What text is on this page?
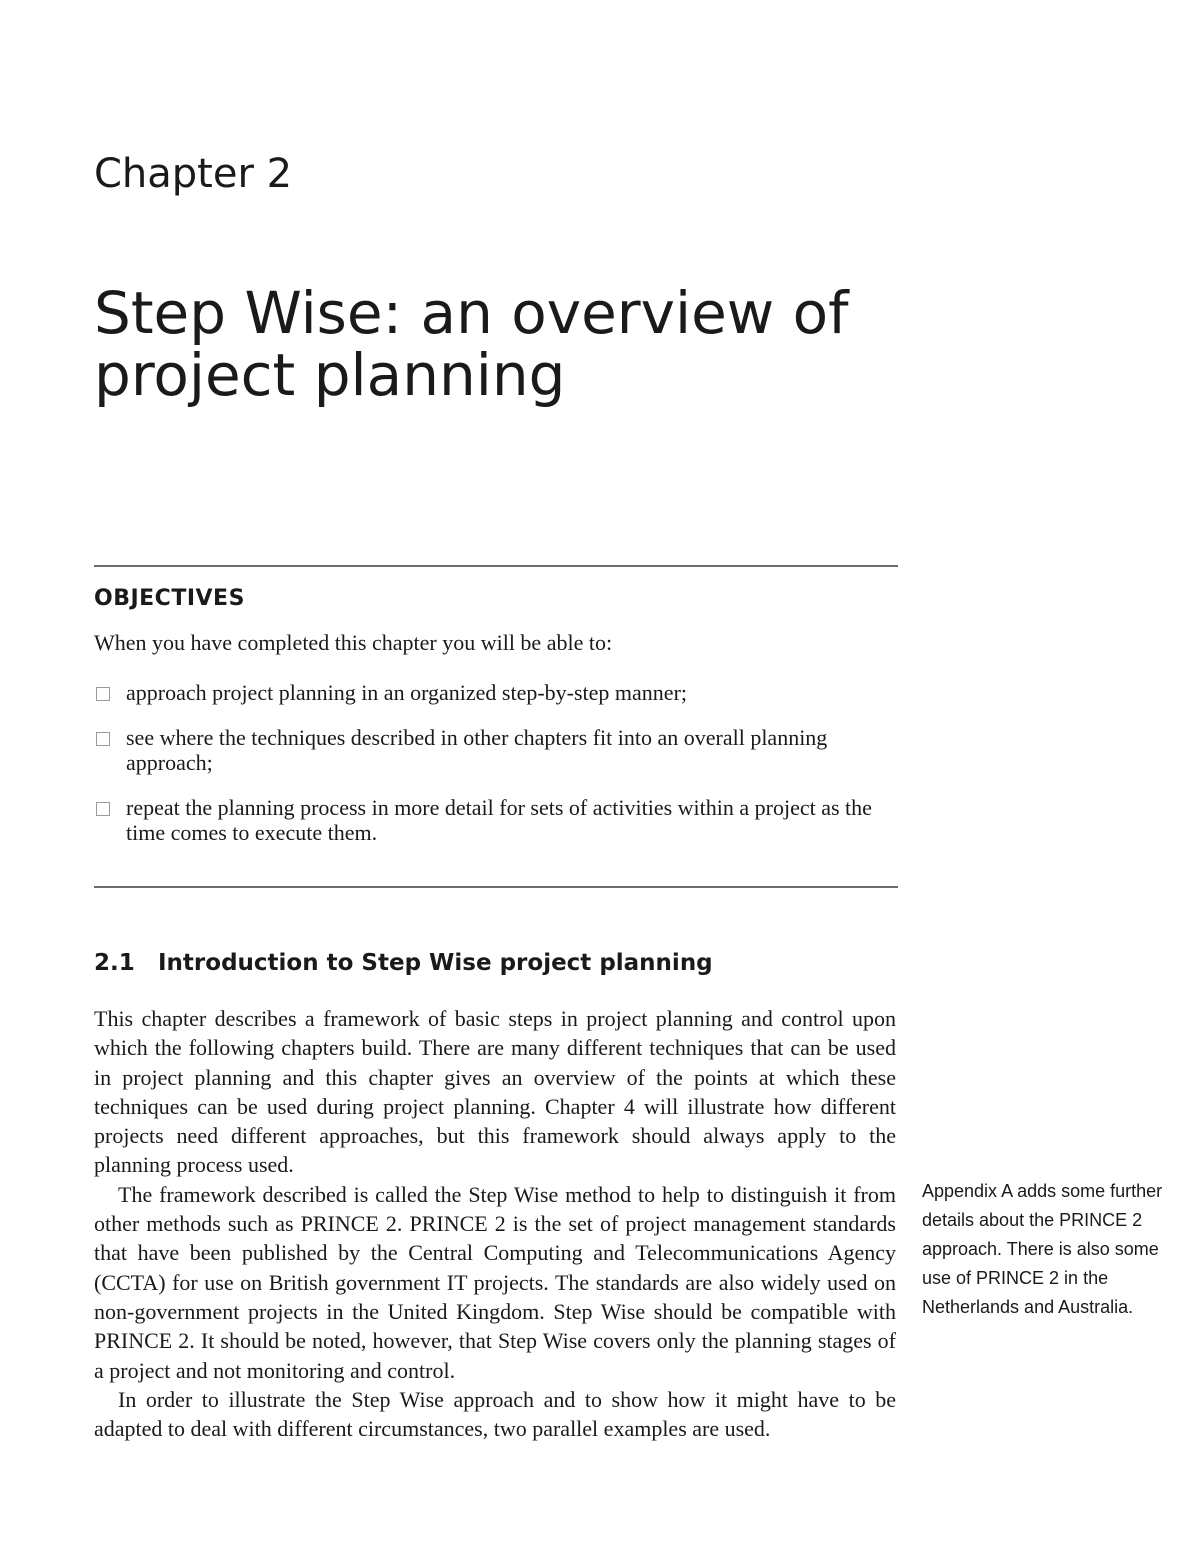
Chapter 2
Step Wise: an overview of project planning
OBJECTIVES

When you have completed this chapter you will be able to:

approach project planning in an organized step-by-step manner;
see where the techniques described in other chapters fit into an overall planning approach;
repeat the planning process in more detail for sets of activities within a project as the time comes to execute them.
2.1 Introduction to Step Wise project planning

This chapter describes a framework of basic steps in project planning and control upon which the following chapters build. There are many different techniques that can be used in project planning and this chapter gives an overview of the points at which these techniques can be used during project planning. Chapter 4 will illustrate how different projects need different approaches, but this framework should always apply to the planning process used.

The framework described is called the Step Wise method to help to distinguish it from other methods such as PRINCE 2. PRINCE 2 is the set of project management standards that have been published by the Central Computing and Telecommunications Agency (CCTA) for use on British government IT projects. The standards are also widely used on non-government projects in the United Kingdom. Step Wise should be compatible with PRINCE 2. It should be noted, however, that Step Wise covers only the planning stages of a project and not monitoring and control.

In order to illustrate the Step Wise approach and to show how it might have to be adapted to deal with different circumstances, two parallel examples are used.

Appendix A adds some further details about the PRINCE 2 approach. There is also some use of PRINCE 2 in the Netherlands and Australia.
